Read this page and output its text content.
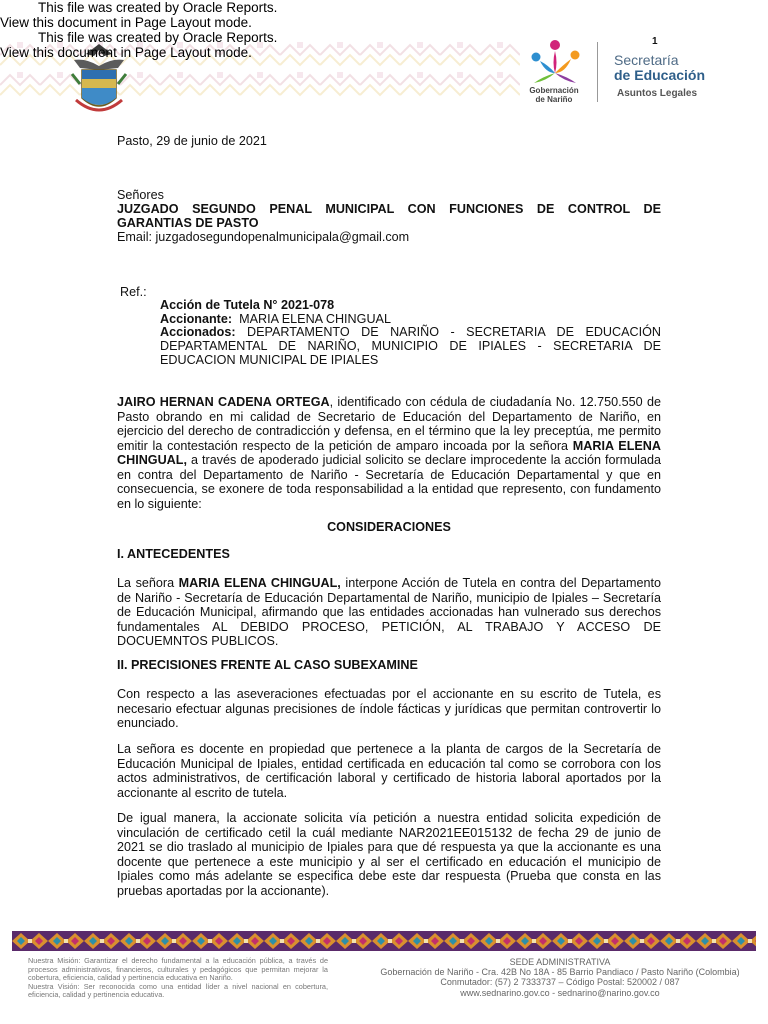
This file was created by Oracle Reports.
View this document in Page Layout mode.
This file was created by Oracle Reports.
View this document in Page Layout mode.
Gobernación
de Nariño
1
Secretaría
de Educación
Asuntos Legales
Pasto, 29 de junio de 2021
Señores
JUZGADO SEGUNDO PENAL MUNICIPAL CON FUNCIONES DE CONTROL DE
GARANTIAS DE PASTO
Email: juzgadosegundopenalmunicipala@gmail.com
Ref.:
Acción de Tutela N° 2021-078
Accionante: MARIA ELENA CHINGUAL
Accionados: DEPARTAMENTO DE NARIÑO - SECRETARIA DE EDUCACIÓN
DEPARTAMENTAL DE NARIÑO, MUNICIPIO DE IPIALES - SECRETARIA DE
EDUCACION MUNICIPAL DE IPIALES
JAIRO HERNAN CADENA ORTEGA, identificado con cédula de ciudadanía No. 12.750.550 de Pasto obrando en mi calidad de Secretario de Educación del Departamento de Nariño, en ejercicio del derecho de contradicción y defensa, en el término que la ley preceptúa, me permito emitir la contestación respecto de la petición de amparo incoada por la señora MARIA ELENA CHINGUAL, a través de apoderado judicial solicito se declare improcedente la acción formulada en contra del Departamento de Nariño - Secretaría de Educación Departamental y que en consecuencia, se exonere de toda responsabilidad a la entidad que represento, con fundamento en lo siguiente:
CONSIDERACIONES
I. ANTECEDENTES
La señora MARIA ELENA CHINGUAL, interpone Acción de Tutela en contra del Departamento de Nariño - Secretaría de Educación Departamental de Nariño, municipio de Ipiales – Secretaría de Educación Municipal, afirmando que las entidades accionadas han vulnerado sus derechos fundamentales AL DEBIDO PROCESO, PETICIÓN, AL TRABAJO Y ACCESO DE DOCUEMNTOS PUBLICOS.
II. PRECISIONES FRENTE AL CASO SUBEXAMINE
Con respecto a las aseveraciones efectuadas por el accionante en su escrito de Tutela, es necesario efectuar algunas precisiones de índole fácticas y jurídicas que permitan controvertir lo enunciado.
La señora es docente en propiedad que pertenece a la planta de cargos de la Secretaría de Educación Municipal de Ipiales, entidad certificada en educación tal como se corrobora con los actos administrativos, de certificación laboral y certificado de historia laboral aportados por la accionante al escrito de tutela.
De igual manera, la accionate solicita vía petición a nuestra entidad solicita expedición de vinculación de certificado cetil la cuál mediante NAR2021EE015132 de fecha 29 de junio de 2021 se dio traslado al municipio de Ipiales para que dé respuesta ya que la accionante es una docente que pertenece a este municipio y al ser el certificado en educación el municipio de Ipiales como más adelante se especifica debe este dar respuesta (Prueba que consta en las pruebas aportadas por la accionante).
Nuestra Misión: Garantizar el derecho fundamental a la educación pública, a través de procesos administrativos, financieros, culturales y pedagógicos que permitan mejorar la cobertura, eficiencia, calidad y pertinencia educativa en Nariño.
Nuestra Visión: Ser reconocida como una entidad líder a nivel nacional en cobertura, eficiencia, calidad y pertinencia educativa.
SEDE ADMINISTRATIVA
Gobernación de Nariño - Cra. 42B No 18A - 85 Barrio Pandiaco / Pasto Nariño (Colombia)
Conmutador: (57) 2 7333737 – Código Postal: 520002 / 087
www.sednarino.gov.co - sednarino@narino.gov.co
